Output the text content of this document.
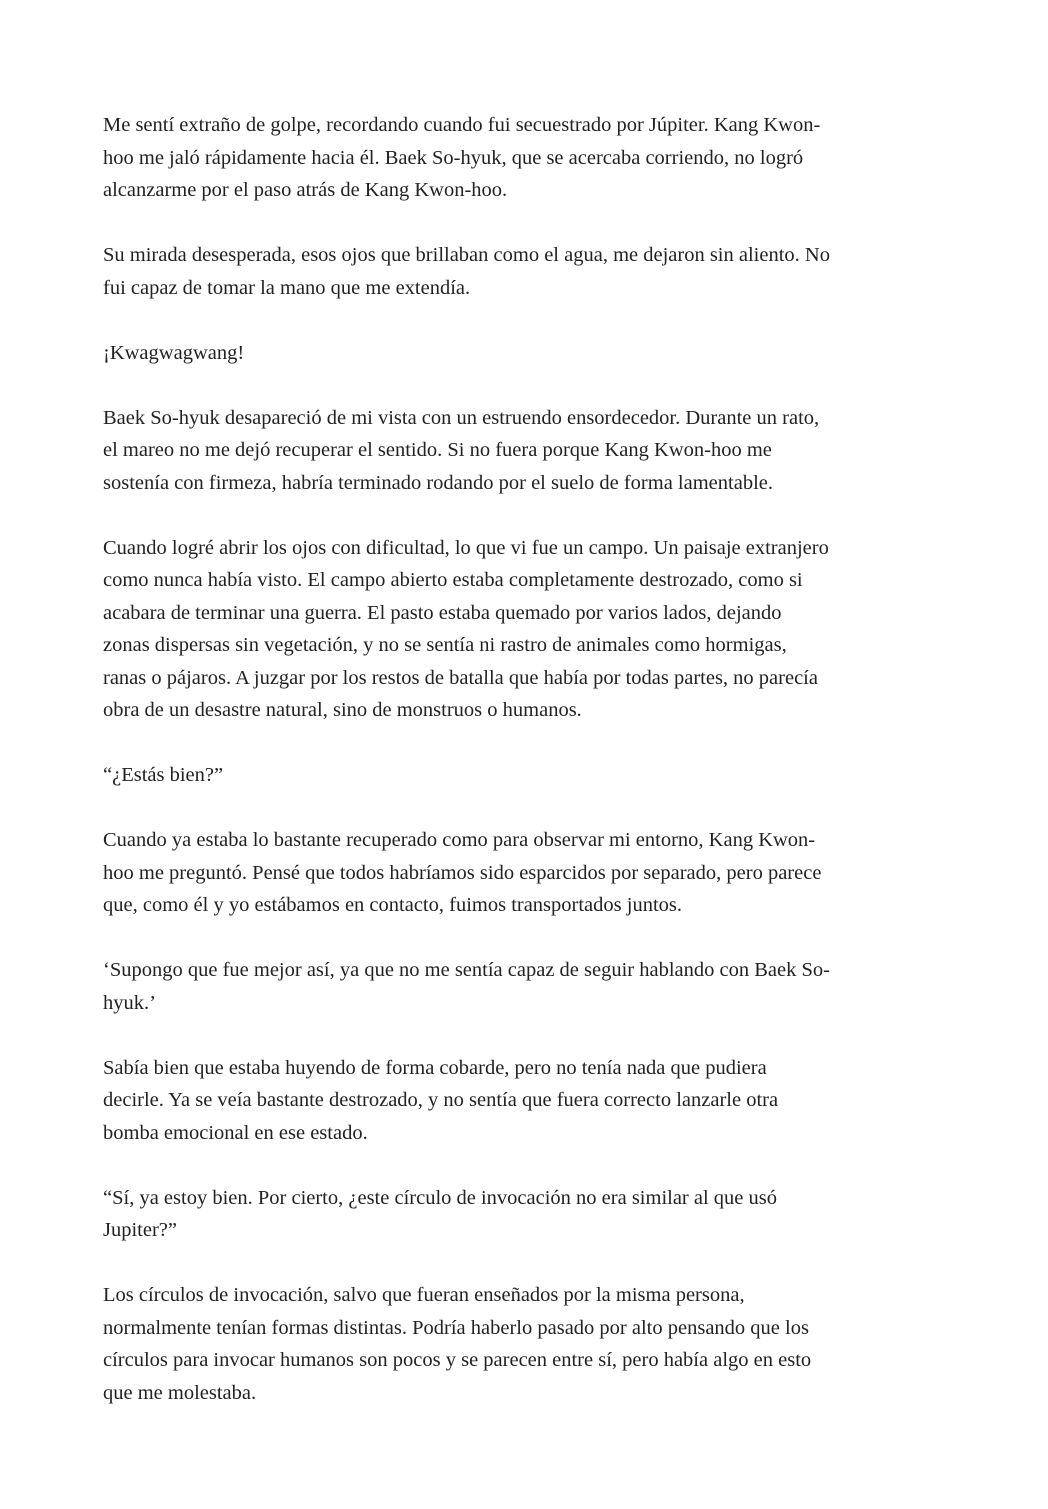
Me sentí extraño de golpe, recordando cuando fui secuestrado por Júpiter. Kang Kwon-
hoo me jaló rápidamente hacia él. Baek So-hyuk, que se acercaba corriendo, no logró
alcanzarme por el paso atrás de Kang Kwon-hoo.

Su mirada desesperada, esos ojos que brillaban como el agua, me dejaron sin aliento. No
fui capaz de tomar la mano que me extendía.

¡Kwagwagwang!

Baek So-hyuk desapareció de mi vista con un estruendo ensordecedor. Durante un rato,
el mareo no me dejó recuperar el sentido. Si no fuera porque Kang Kwon-hoo me
sostenía con firmeza, habría terminado rodando por el suelo de forma lamentable.

Cuando logré abrir los ojos con dificultad, lo que vi fue un campo. Un paisaje extranjero
como nunca había visto. El campo abierto estaba completamente destrozado, como si
acabara de terminar una guerra. El pasto estaba quemado por varios lados, dejando
zonas dispersas sin vegetación, y no se sentía ni rastro de animales como hormigas,
ranas o pájaros. A juzgar por los restos de batalla que había por todas partes, no parecía
obra de un desastre natural, sino de monstruos o humanos.

“¿Estás bien?”

Cuando ya estaba lo bastante recuperado como para observar mi entorno, Kang Kwon-
hoo me preguntó. Pensé que todos habríamos sido esparcidos por separado, pero parece
que, como él y yo estábamos en contacto, fuimos transportados juntos.

‘Supongo que fue mejor así, ya que no me sentía capaz de seguir hablando con Baek So-
hyuk.’

Sabía bien que estaba huyendo de forma cobarde, pero no tenía nada que pudiera
decirle. Ya se veía bastante destrozado, y no sentía que fuera correcto lanzarle otra
bomba emocional en ese estado.

“Sí, ya estoy bien. Por cierto, ¿este círculo de invocación no era similar al que usó
Jupiter?”

Los círculos de invocación, salvo que fueran enseñados por la misma persona,
normalmente tenían formas distintas. Podría haberlo pasado por alto pensando que los
círculos para invocar humanos son pocos y se parecen entre sí, pero había algo en esto
que me molestaba.
